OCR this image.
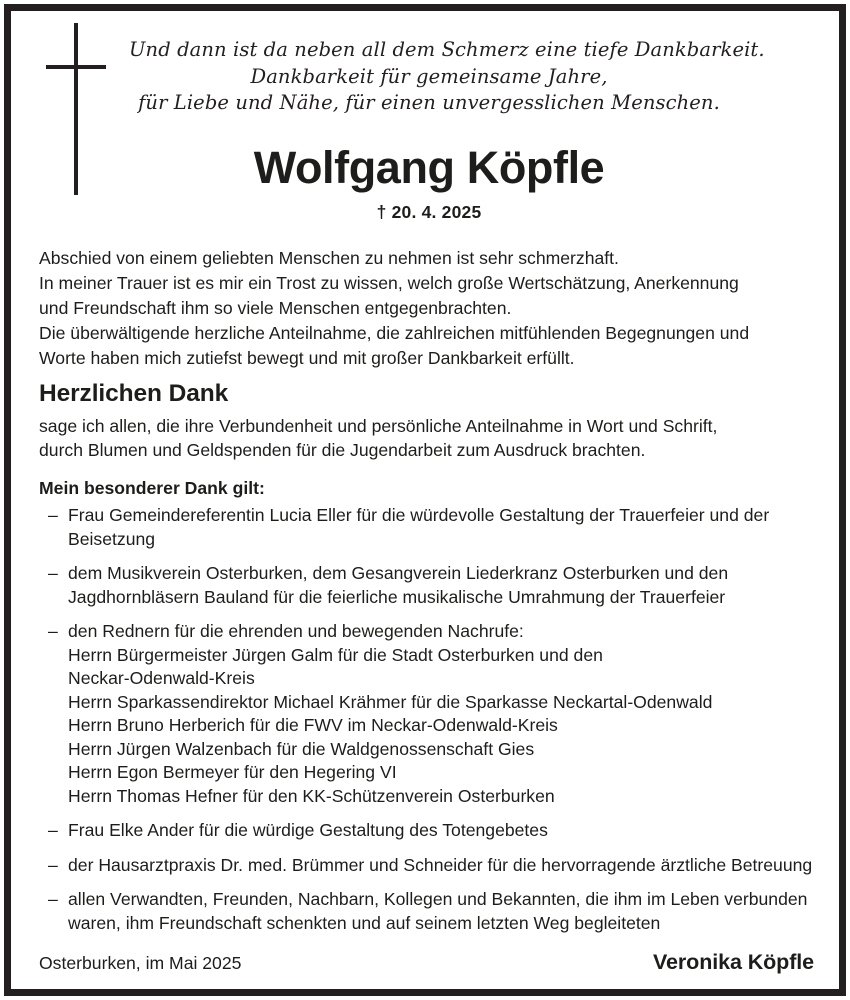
Und dann ist da neben all dem Schmerz eine tiefe Dankbarkeit.
Dankbarkeit für gemeinsame Jahre,
für Liebe und Nähe, für einen unvergesslichen Menschen.
Wolfgang Köpfle
† 20. 4. 2025
Abschied von einem geliebten Menschen zu nehmen ist sehr schmerzhaft.
In meiner Trauer ist es mir ein Trost zu wissen, welch große Wertschätzung, Anerkennung
und Freundschaft ihm so viele Menschen entgegenbrachten.
Die überwältigende herzliche Anteilnahme, die zahlreichen mitfühlenden Begegnungen und
Worte haben mich zutiefst bewegt und mit großer Dankbarkeit erfüllt.
Herzlichen Dank
sage ich allen, die ihre Verbundenheit und persönliche Anteilnahme in Wort und Schrift,
durch Blumen und Geldspenden für die Jugendarbeit zum Ausdruck brachten.
Mein besonderer Dank gilt:
– Frau Gemeindereferentin Lucia Eller für die würdevolle Gestaltung der Trauerfeier und der Beisetzung
– dem Musikverein Osterburken, dem Gesangverein Liederkranz Osterburken und den Jagdhornbläsern Bauland für die feierliche musikalische Umrahmung der Trauerfeier
– den Rednern für die ehrenden und bewegenden Nachrufe:
Herrn Bürgermeister Jürgen Galm für die Stadt Osterburken und den
Neckar-Odenwald-Kreis
Herrn Sparkassendirektor Michael Krähmer für die Sparkasse Neckartal-Odenwald
Herrn Bruno Herberich für die FWV im Neckar-Odenwald-Kreis
Herrn Jürgen Walzenbach für die Waldgenossenschaft Gies
Herrn Egon Bermeyer für den Hegering VI
Herrn Thomas Hefner für den KK-Schützenverein Osterburken
– Frau Elke Ander für die würdige Gestaltung des Totengebetes
– der Hausarztpraxis Dr. med. Brümmer und Schneider für die hervorragende ärztliche Betreuung
– allen Verwandten, Freunden, Nachbarn, Kollegen und Bekannten, die ihm im Leben verbunden waren, ihm Freundschaft schenkten und auf seinem letzten Weg begleiteten
Osterburken, im Mai 2025	Veronika Köpfle
